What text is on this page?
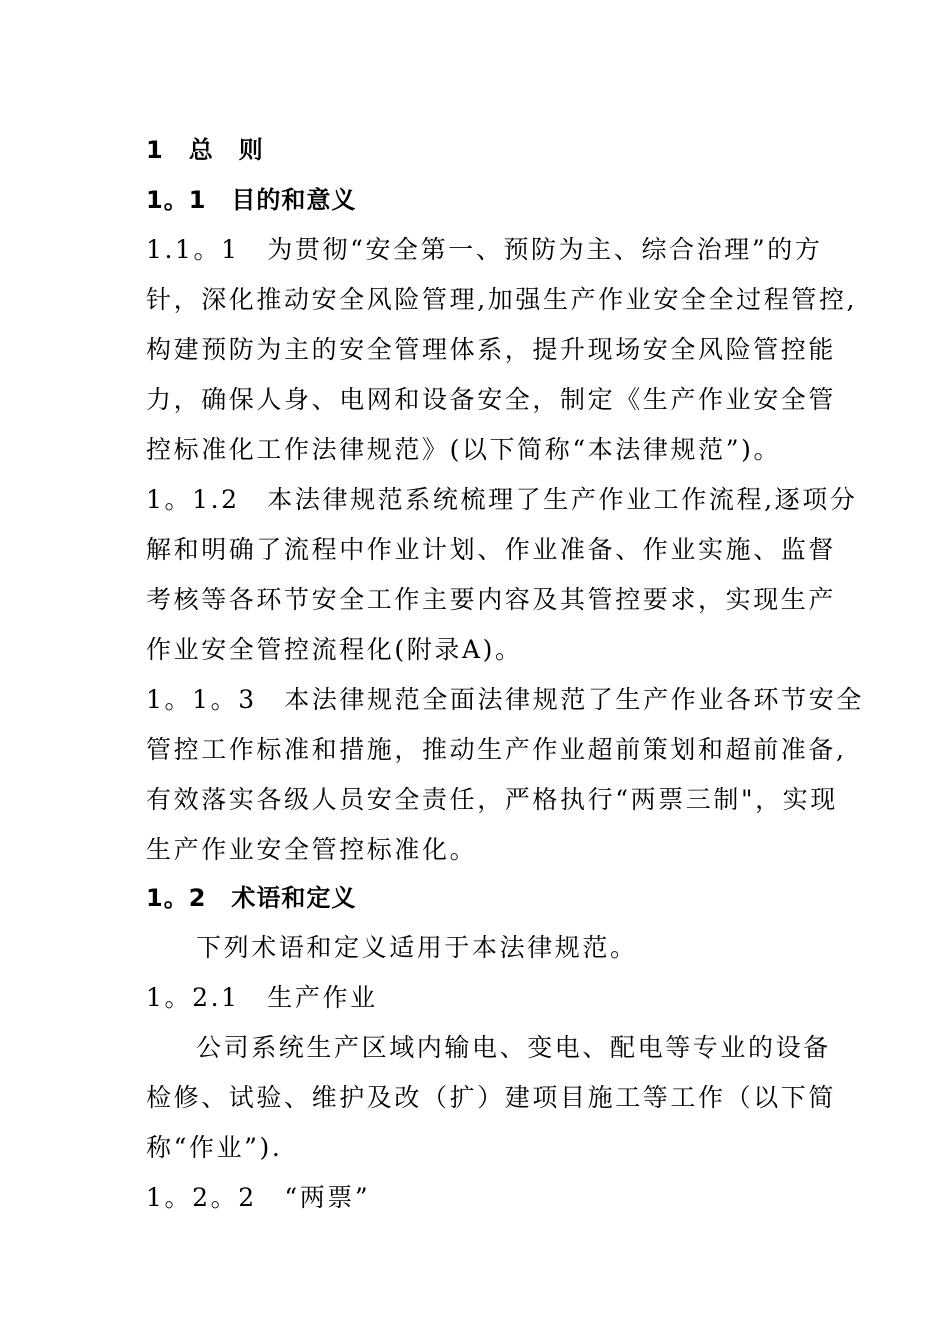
1　总　则
1。1　目的和意义
1.1。1　为贯彻“安全第一、预防为主、综合治理”的方
针，深化推动安全风险管理,加强生产作业安全全过程管控,
构建预防为主的安全管理体系，提升现场安全风险管控能
力，确保人身、电网和设备安全，制定《生产作业安全管
控标准化工作法律规范》(以下简称“本法律规范”)。
1。1.2　本法律规范系统梳理了生产作业工作流程,逐项分
解和明确了流程中作业计划、作业准备、作业实施、监督
考核等各环节安全工作主要内容及其管控要求，实现生产
作业安全管控流程化(附录A)。
1。1。3　本法律规范全面法律规范了生产作业各环节安全
管控工作标准和措施，推动生产作业超前策划和超前准备,
有效落实各级人员安全责任，严格执行“两票三制"，实现
生产作业安全管控标准化。
1。2　术语和定义
下列术语和定义适用于本法律规范。
1。2.1　生产作业
公司系统生产区域内输电、变电、配电等专业的设备
检修、试验、维护及改（扩）建项目施工等工作（以下简
称“作业”).
1。2。2　“两票”
